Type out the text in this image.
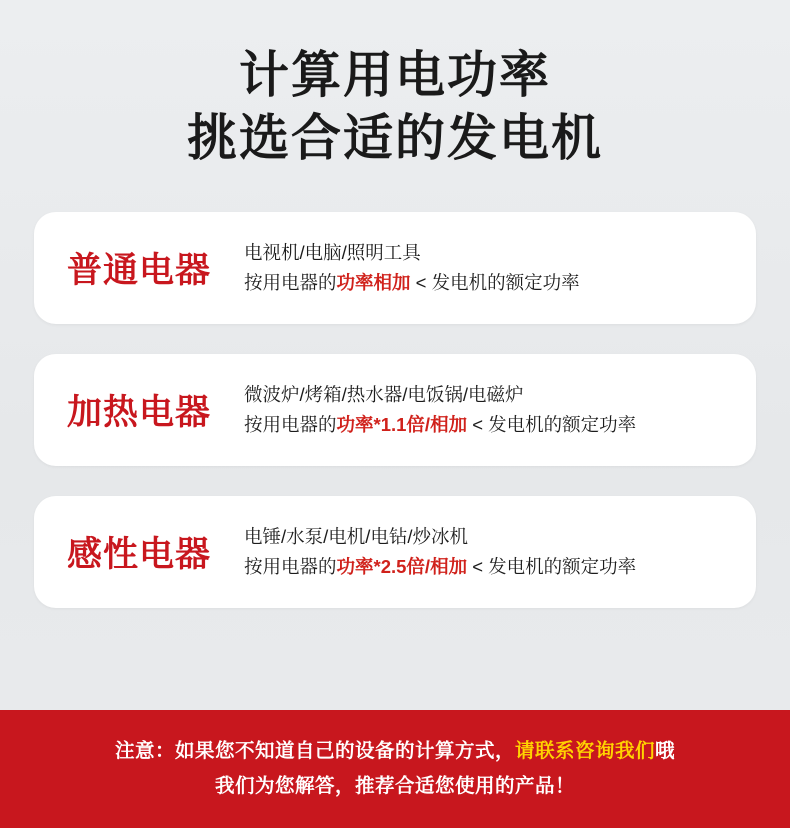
计算用电功率
挑选合适的发电机
普通电器	电视机/电脑/照明工具
按用电器的功率相加 < 发电机的额定功率
加热电器	微波炉/烤箱/热水器/电饭锅/电磁炉
按用电器的功率*1.1倍/相加 < 发电机的额定功率
感性电器	电锤/水泵/电机/电钻/炒冰机
按用电器的功率*2.5倍/相加 < 发电机的额定功率
注意：如果您不知道自己的设备的计算方式，请联系咨询我们哦
我们为您解答，推荐合适您使用的产品！
